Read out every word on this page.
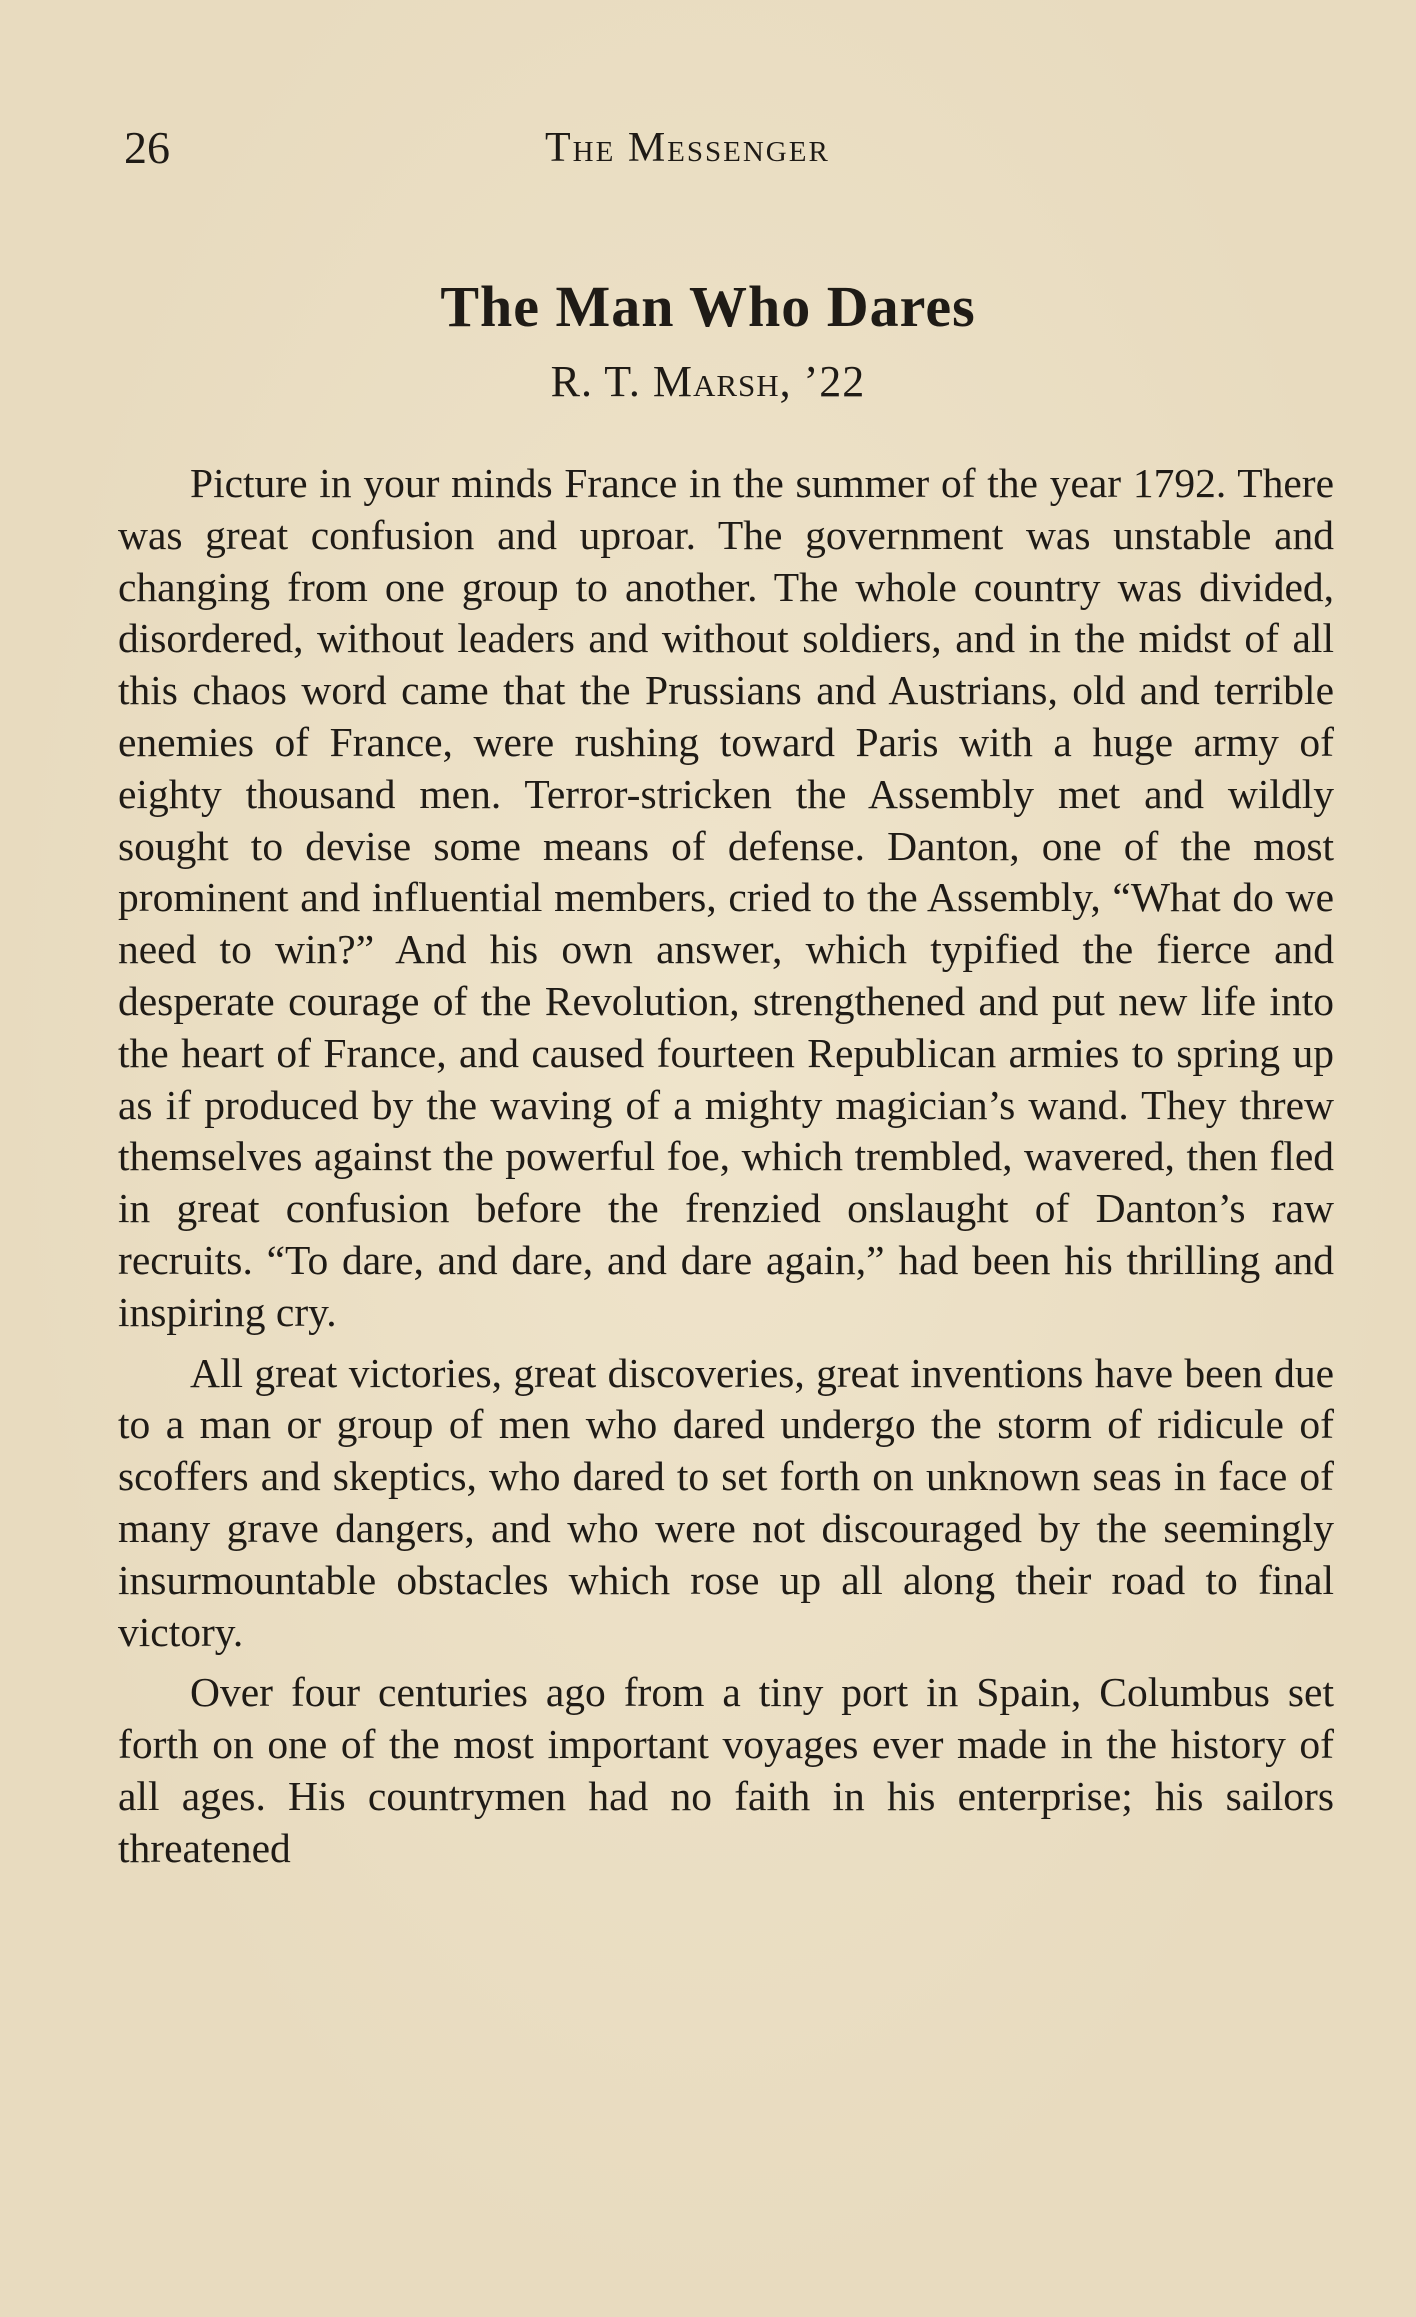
26	The Messenger
The Man Who Dares
R. T. Marsh, ’22

Picture in your minds France in the summer of the year 1792. There was great confusion and uproar. The government was unstable and changing from one group to another. The whole country was divided, disordered, without leaders and without soldiers, and in the midst of all this chaos word came that the Prussians and Austrians, old and terrible enemies of France, were rushing toward Paris with a huge army of eighty thousand men. Terror-stricken the Assembly met and wildly sought to devise some means of defense. Danton, one of the most prominent and influential members, cried to the Assembly, “What do we need to win?” And his own answer, which typified the fierce and desperate courage of the Revolution, strengthened and put new life into the heart of France, and caused fourteen Republican armies to spring up as if produced by the waving of a mighty magician’s wand. They threw themselves against the powerful foe, which trembled, wavered, then fled in great confusion before the frenzied onslaught of Danton’s raw recruits. “To dare, and dare, and dare again,” had been his thrilling and inspiring cry.

All great victories, great discoveries, great inventions have been due to a man or group of men who dared undergo the storm of ridicule of scoffers and skeptics, who dared to set forth on unknown seas in face of many grave dangers, and who were not discouraged by the seemingly insurmountable obstacles which rose up all along their road to final victory.

Over four centuries ago from a tiny port in Spain, Columbus set forth on one of the most important voyages ever made in the history of all ages. His countrymen had no faith in his enterprise; his sailors threatened
